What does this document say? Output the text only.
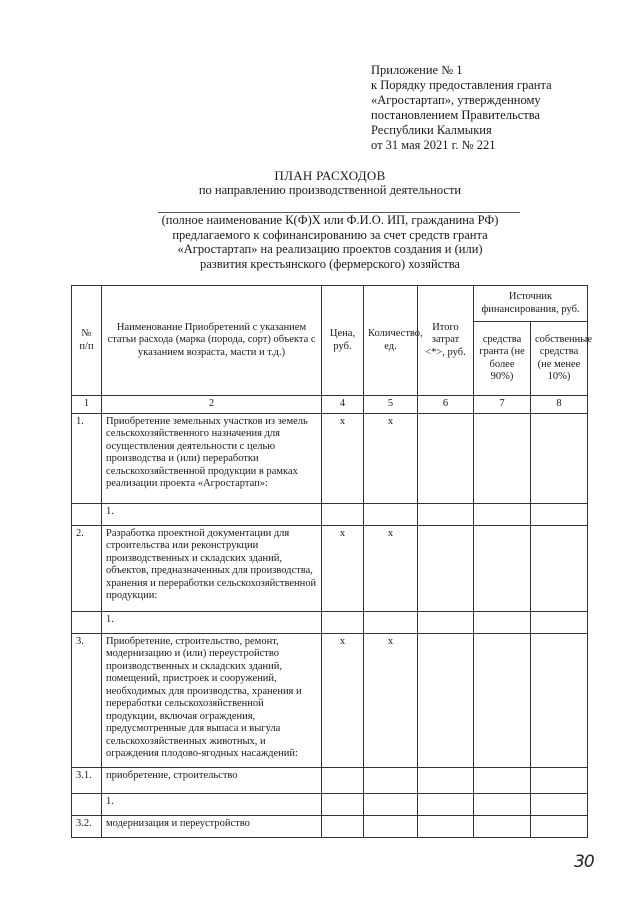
Приложение № 1
к Порядку предоставления гранта
«Агростартап», утвержденному
постановлением Правительства
Республики Калмыкия
от 31 мая 2021 г. № 221
ПЛАН РАСХОДОВ
по направлению производственной деятельности
(полное наименование К(Ф)Х или Ф.И.О. ИП, гражданина РФ)
предлагаемого к софинансированию за счет средств гранта
«Агростартап» на реализацию проектов создания и (или)
развития крестьянского (фермерского) хозяйства
№ п/п	Наименование Приобретений с указанием статьи расхода (марка (порода, сорт) объекта с указанием возраста, масти и т.д.)	Цена, руб.	Количество, ед.	Итого затрат <*>, руб.	Источник финансирования, руб.	
					средства гранта (не более 90%)	собственные средства (не менее 10%)
1	2	4	5	6	7	8
1.	Приобретение земельных участков из земель сельскохозяйственного назначения для осуществления деятельности с целью производства и (или) переработки сельскохозяйственной продукции в рамках реализации проекта «Агростартап»:	х	х			
	1.					
2.	Разработка проектной документации для строительства или реконструкции производственных и складских зданий, объектов, предназначенных для производства, хранения и переработки сельскохозяйственной продукции:	х	х			
	1.					
3.	Приобретение, строительство, ремонт, модернизацию и (или) переустройство производственных и складских зданий, помещений, пристроек и сооружений, необходимых для производства, хранения и переработки сельскохозяйственной продукции, включая ограждения, предусмотренные для выпаса и выгула сельскохозяйственных животных, и ограждения плодово-ягодных насаждений:	х	х			
3.1.	приобретение, строительство					
	1.					
3.2.	модернизация и переустройство					
30
